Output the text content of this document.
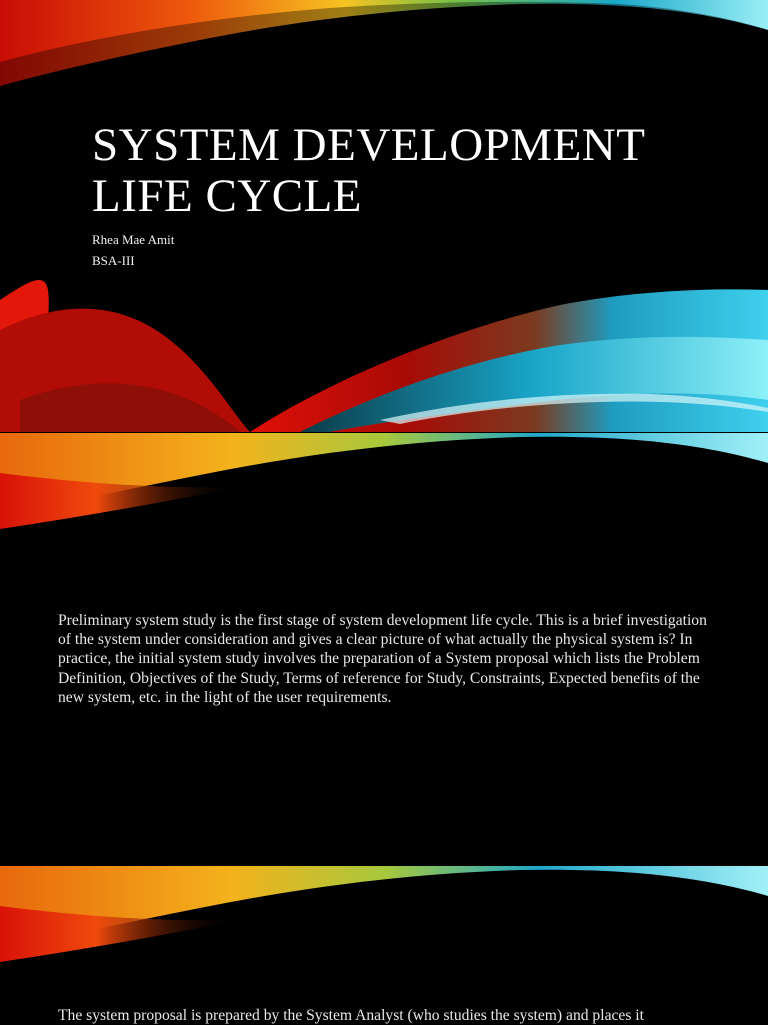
SYSTEM DEVELOPMENT LIFE CYCLE
Rhea Mae Amit
BSA-III
Preliminary system study is the first stage of system development life cycle. This is a brief investigation of the system under consideration and gives a clear picture of what actually the physical system is? In practice, the initial system study involves the preparation of a System proposal which lists the Problem Definition, Objectives of the Study, Terms of reference for Study, Constraints, Expected benefits of the new system, etc. in the light of the user requirements.
The system proposal is prepared by the System Analyst (who studies the system) and places it
